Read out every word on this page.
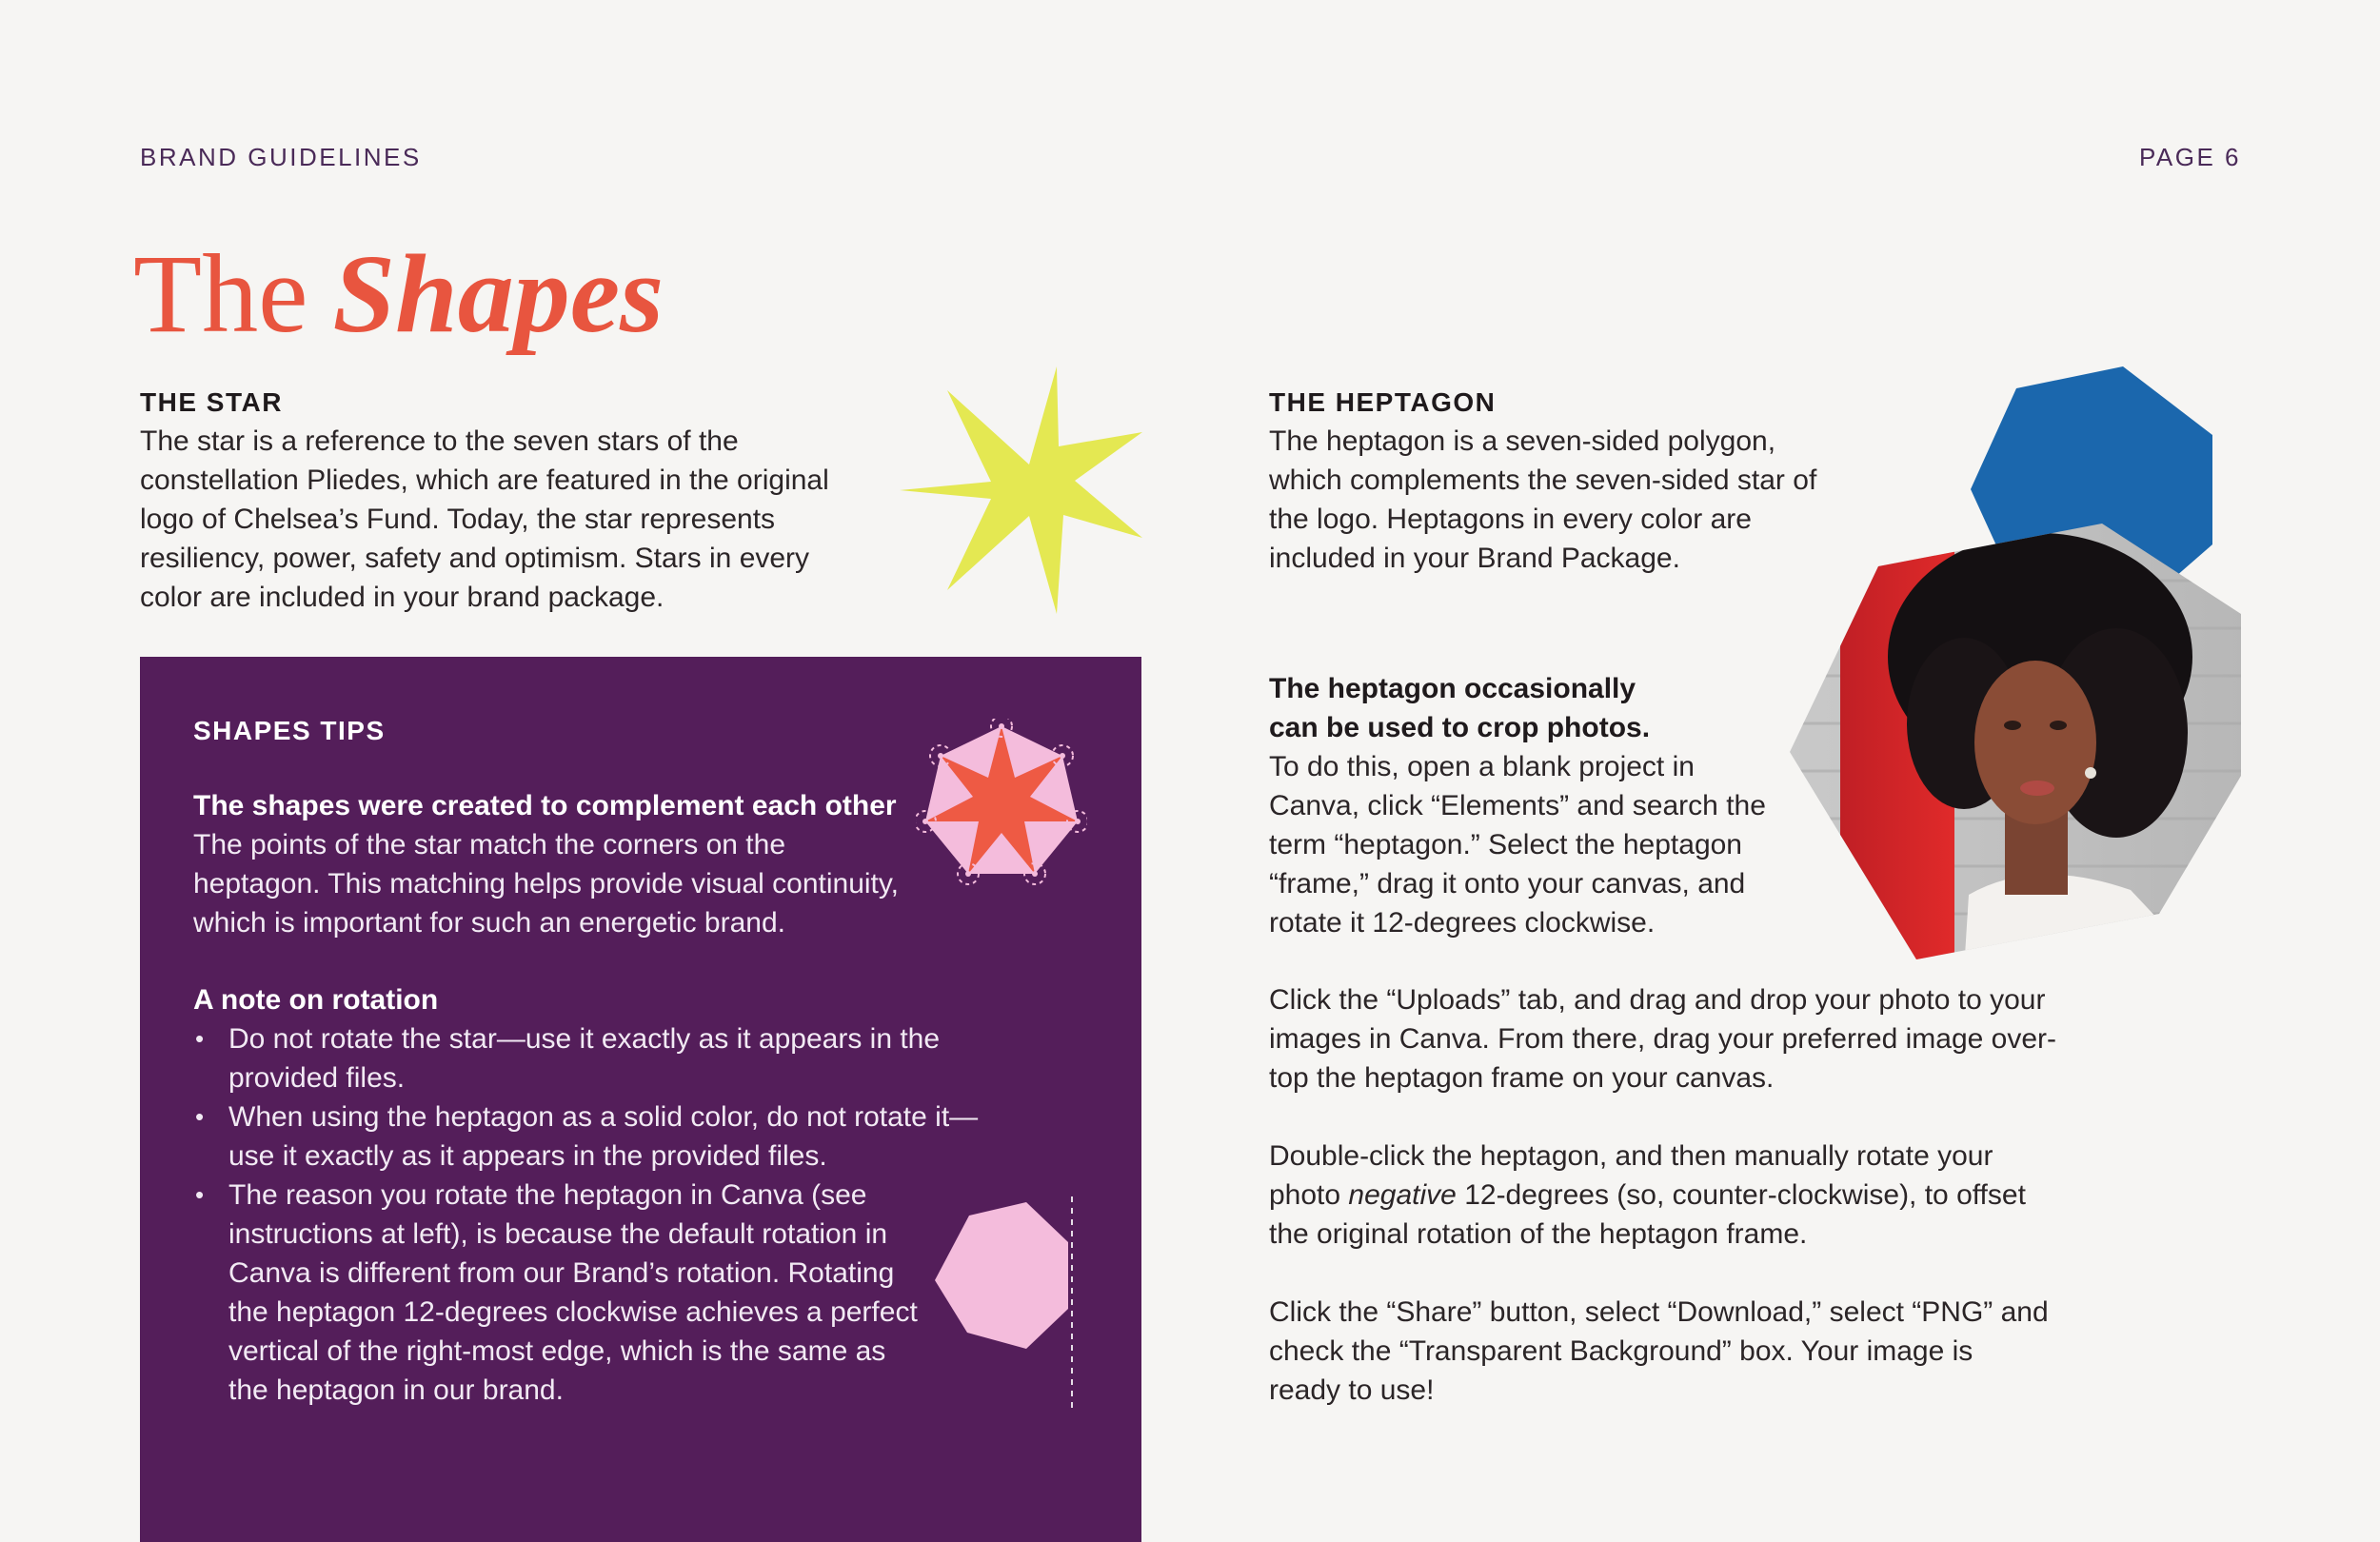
BRAND GUIDELINES	PAGE 6
The Shapes
THE STAR

The star is a reference to the seven stars of the constellation Pliedes, which are featured in the original logo of Chelsea’s Fund. Today, the star represents resiliency, power, safety and optimism. Stars in every color are included in your brand package.

THE HEPTAGON

The heptagon is a seven-sided polygon, which complements the seven-sided star of the logo. Heptagons in every color are included in your Brand Package.

The heptagon occasionally can be used to crop photos.

To do this, open a blank project in Canva, click “Elements” and search the term “heptagon.” Select the heptagon “frame,” drag it onto your canvas, and rotate it 12-degrees clockwise.

Click the “Uploads” tab, and drag and drop your photo to your images in Canva. From there, drag your preferred image over-top the heptagon frame on your canvas.

Double-click the heptagon, and then manually rotate your photo negative 12-degrees (so, counter-clockwise), to offset the original rotation of the heptagon frame.

Click the “Share” button, select “Download,” select “PNG” and check the “Transparent Background” box. Your image is ready to use!

SHAPES TIPS

The shapes were created to complement each other

The points of the star match the corners on the heptagon. This matching helps provide visual continuity, which is important for such an energetic brand.

A note on rotation

• Do not rotate the star—use it exactly as it appears in the provided files.
• When using the heptagon as a solid color, do not rotate it—use it exactly as it appears in the provided files.
• The reason you rotate the heptagon in Canva (see instructions at left), is because the default rotation in Canva is different from our Brand’s rotation. Rotating the heptagon 12-degrees clockwise achieves a perfect vertical of the right-most edge, which is the same as the heptagon in our brand.
